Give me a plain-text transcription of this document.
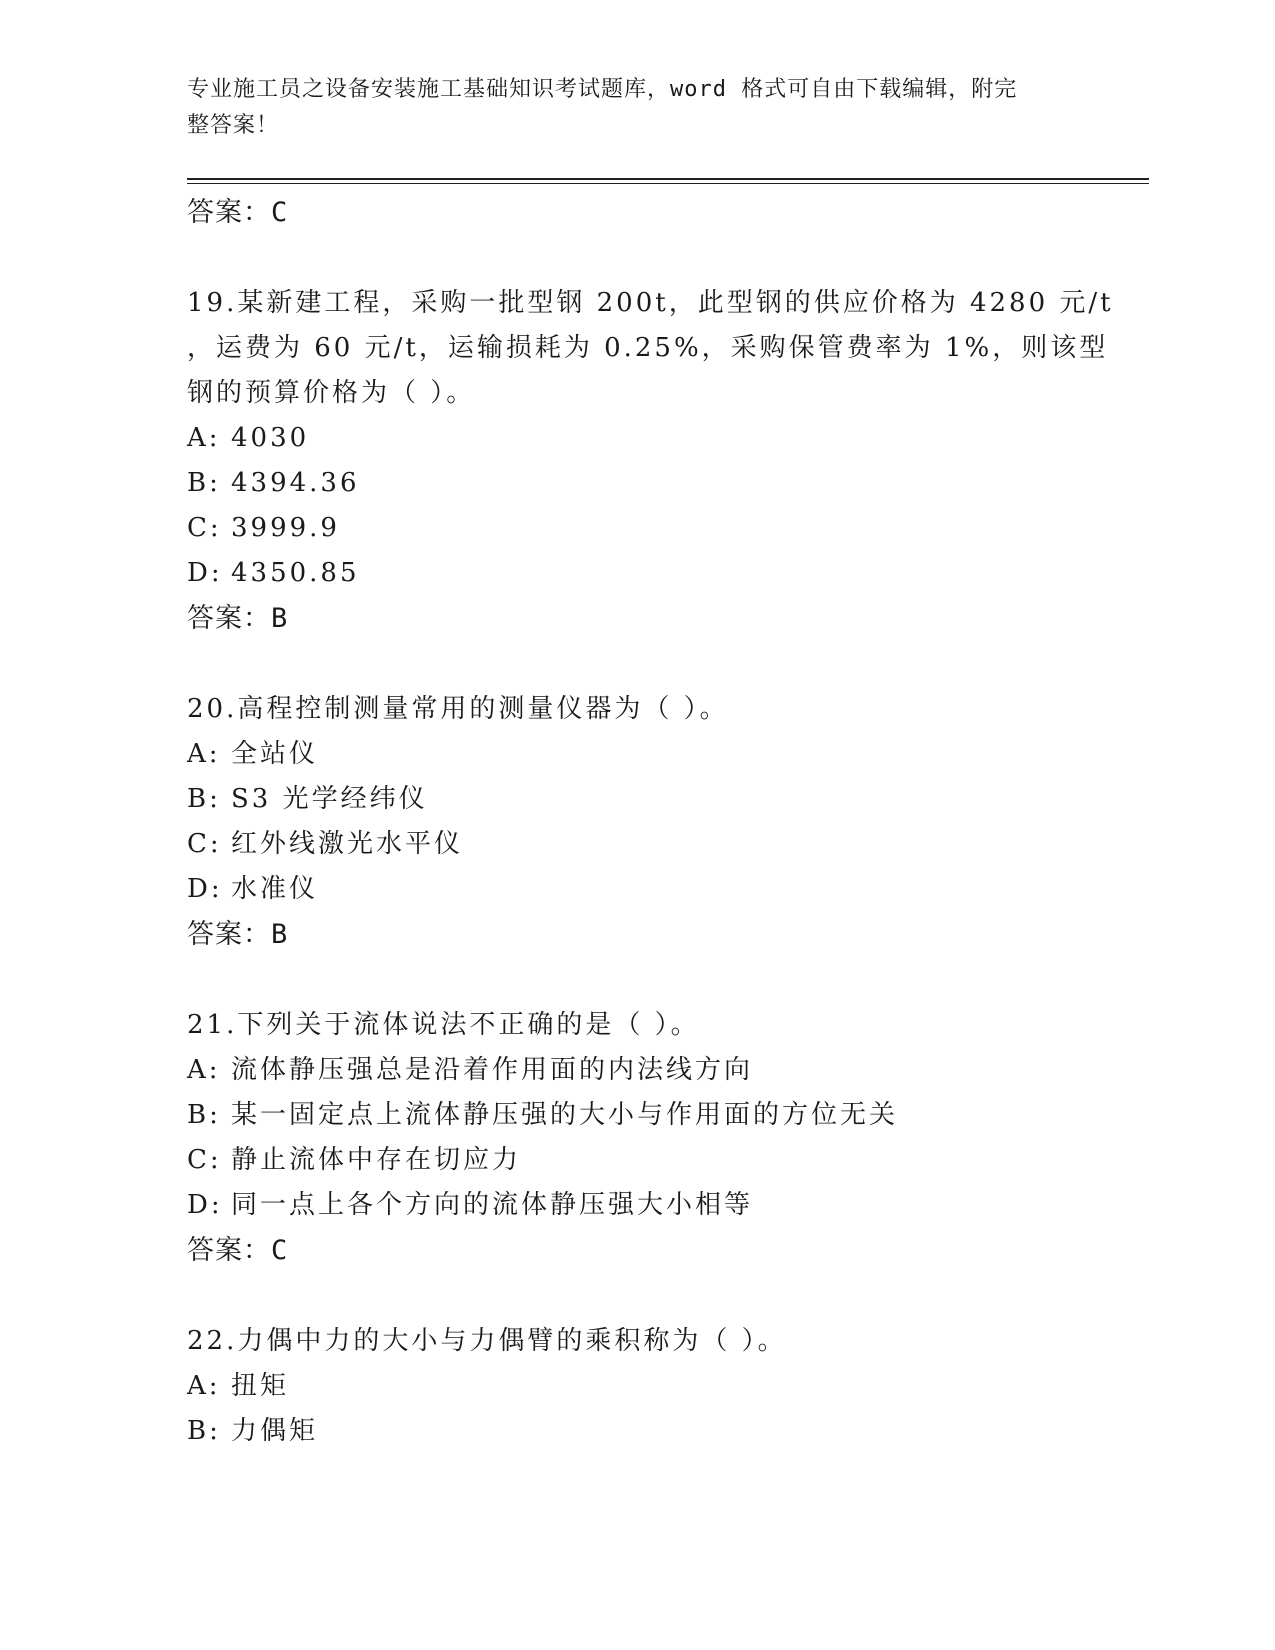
专业施工员之设备安装施工基础知识考试题库，word 格式可自由下载编辑，附完
整答案！
答案：C
19.某新建工程，采购一批型钢 200t，此型钢的供应价格为 4280 元/t
，运费为 60 元/t，运输损耗为 0.25%，采购保管费率为 1%，则该型
钢的预算价格为（ ）。
A: 4030
B: 4394.36
C: 3999.9
D: 4350.85
答案：B
20.高程控制测量常用的测量仪器为（ ）。
A: 全站仪
B: S3 光学经纬仪
C: 红外线激光水平仪
D: 水准仪
答案：B
21.下列关于流体说法不正确的是（ ）。
A: 流体静压强总是沿着作用面的内法线方向
B: 某一固定点上流体静压强的大小与作用面的方位无关
C: 静止流体中存在切应力
D: 同一点上各个方向的流体静压强大小相等
答案：C
22.力偶中力的大小与力偶臂的乘积称为（ ）。
A: 扭矩
B: 力偶矩
